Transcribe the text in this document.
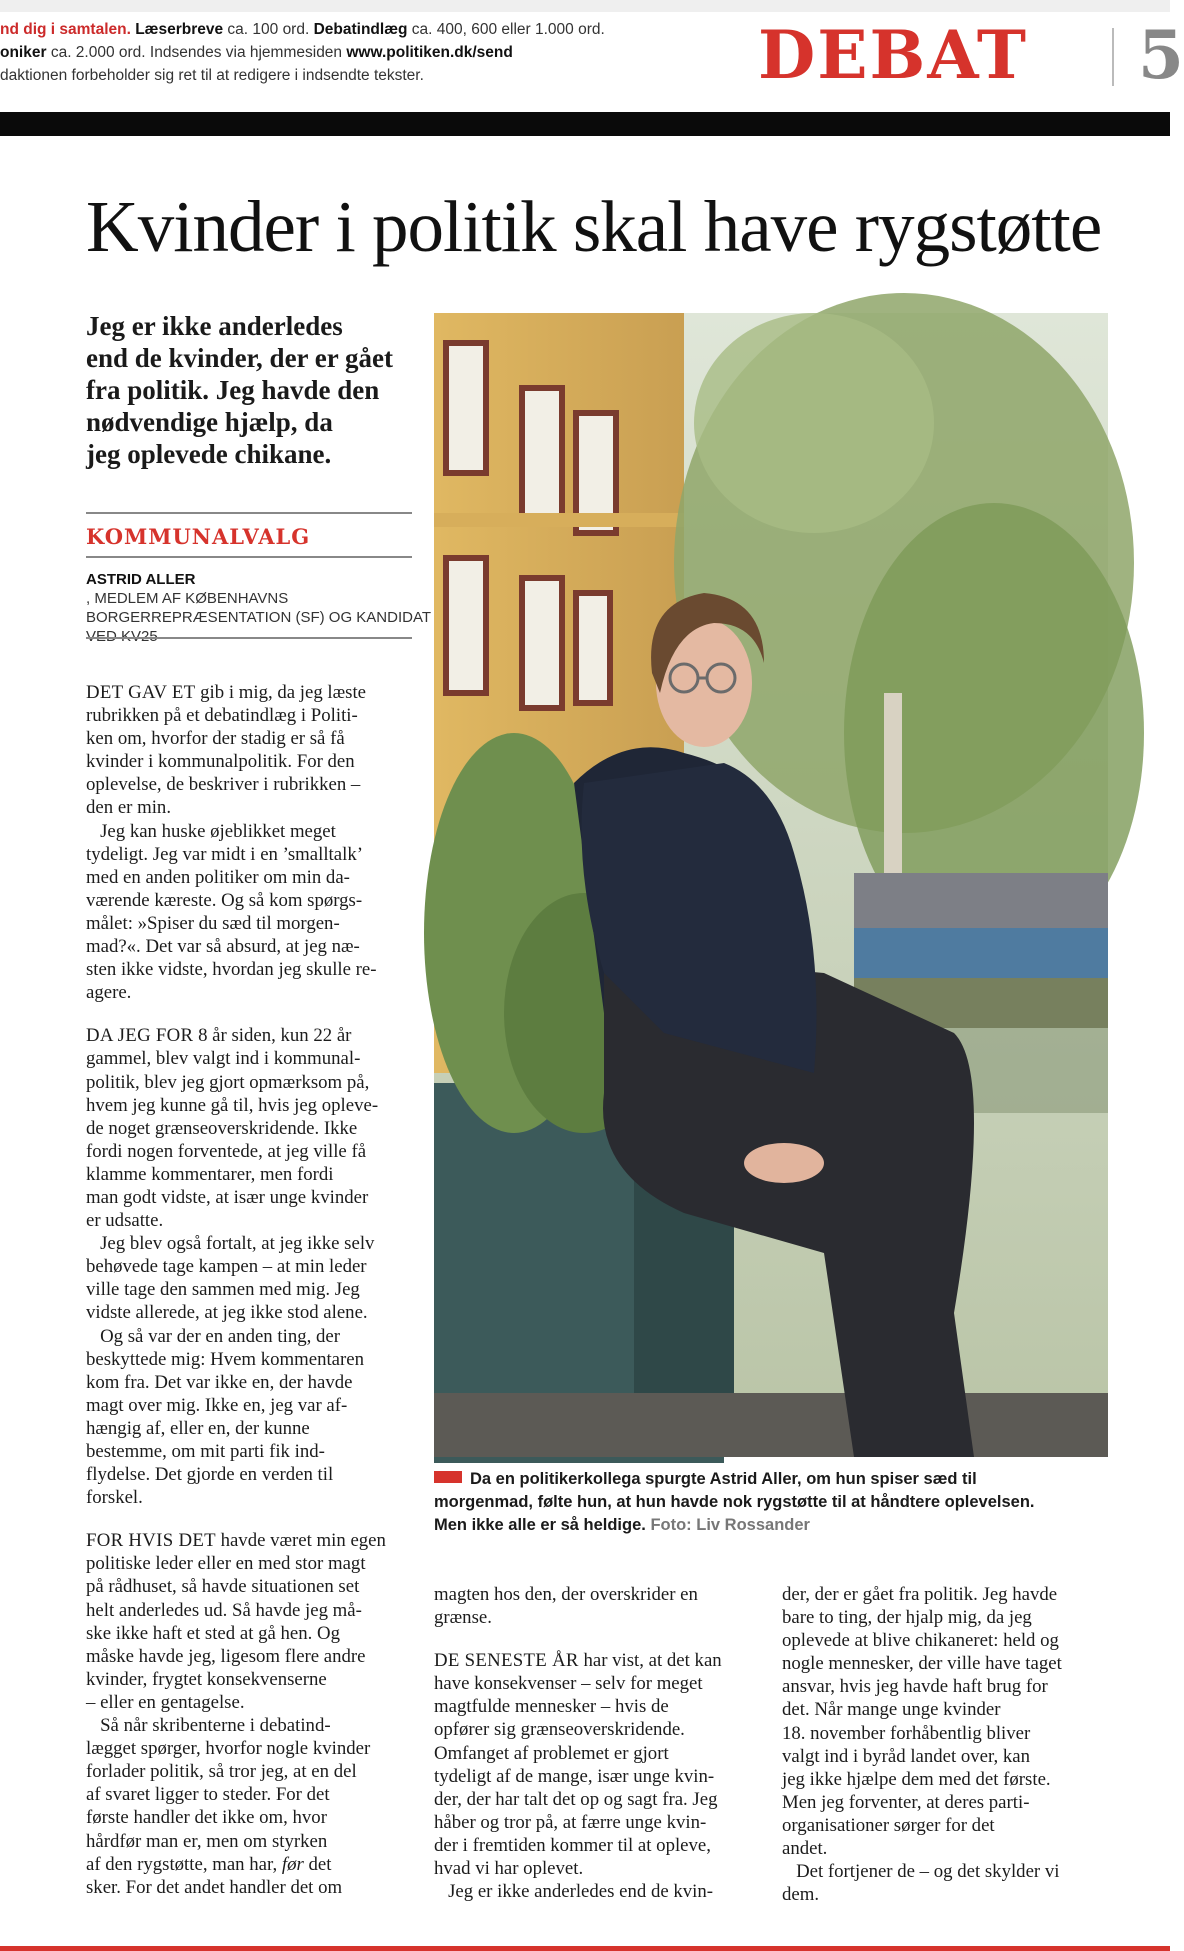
nd dig i samtalen. Læserbreve ca. 100 ord. Debatindlæg ca. 400, 600 eller 1.000 ord.
oniker ca. 2.000 ord. Indsendes via hjemmesiden www.politiken.dk/send
daktionen forbeholder sig ret til at redigere i indsendte tekster.	DEBAT 5
Kvinder i politik skal have rygstøtte
Jeg er ikke anderledes
end de kvinder, der er gået
fra politik. Jeg havde den
nødvendige hjælp, da
jeg oplevede chikane.
KOMMUNALVALG
ASTRID ALLER
, MEDLEM AF KØBENHAVNS
BORGERREPRÆSENTATION (SF) OG KANDIDAT
DET GAV ET gib i mig, da jeg læste
rubrikken på et debatindlæg i Politi-
ken om, hvorfor der stadig er så få
kvinder i kommunalpolitik. For den
oplevelse, de beskriver i rubrikken –
den er min.
Jeg kan huske øjeblikket meget
tydeligt. Jeg var midt i en ’smalltalk’
med en anden politiker om min da-
værende kæreste. Og så kom spørgs-
målet: »Spiser du sæd til morgen-
mad?«. Det var så absurd, at jeg næ-
sten ikke vidste, hvordan jeg skulle re-
agere.
DA JEG FOR 8 år siden, kun 22 år
gammel, blev valgt ind i kommunal-
politik, blev jeg gjort opmærksom på,
hvem jeg kunne gå til, hvis jeg opleve-
de noget grænseoverskridende. Ikke
fordi nogen forventede, at jeg ville få
klamme kommentarer, men fordi
man godt vidste, at især unge kvinder
er udsatte.
Jeg blev også fortalt, at jeg ikke selv
behøvede tage kampen – at min leder
ville tage den sammen med mig. Jeg
vidste allerede, at jeg ikke stod alene.
Og så var der en anden ting, der
beskyttede mig: Hvem kommentaren
kom fra. Det var ikke en, der havde
magt over mig. Ikke en, jeg var af-
hængig af, eller en, der kunne
bestemme, om mit parti fik ind-
flydelse. Det gjorde en verden til
forskel.
FOR HVIS DET havde været min egen
politiske leder eller en med stor magt
på rådhuset, så havde situationen set
helt anderledes ud. Så havde jeg må-
ske ikke haft et sted at gå hen. Og
måske havde jeg, ligesom flere andre
kvinder, frygtet konsekvenserne
– eller en gentagelse.
Så når skribenterne i debatind-
lægget spørger, hvorfor nogle kvinder
forlader politik, så tror jeg, at en del
af svaret ligger to steder. For det
første handler det ikke om, hvor
hårdfør man er, men om styrken
af den rygstøtte, man har, før det
sker. For det andet handler det om
magten hos den, der overskrider en
grænse.
DE SENESTE ÅR har vist, at det kan
have konsekvenser – selv for meget
magtfulde mennesker – hvis de
opfører sig grænseoverskridende.
Omfanget af problemet er gjort
tydeligt af de mange, især unge kvin-
der, der har talt det op og sagt fra. Jeg
håber og tror på, at færre unge kvin-
der i fremtiden kommer til at opleve,
hvad vi har oplevet.
Jeg er ikke anderledes end de kvin-
der, der er gået fra politik. Jeg havde
bare to ting, der hjalp mig, da jeg
oplevede at blive chikaneret: held og
nogle mennesker, der ville have taget
ansvar, hvis jeg havde haft brug for
det. Når mange unge kvinder
18. november forhåbentlig bliver
valgt ind i byråd landet over, kan
jeg ikke hjælpe dem med det første.
Men jeg forventer, at deres parti-
organisationer sørger for det
andet.
Det fortjener de – og det skylder vi
dem.
Da en politikerkollega spurgte Astrid Aller, om hun spiser sæd til
morgenmad, følte hun, at hun havde nok rygstøtte til at håndtere oplevelsen.
Men ikke alle er så heldige. Foto: Liv Rossander
